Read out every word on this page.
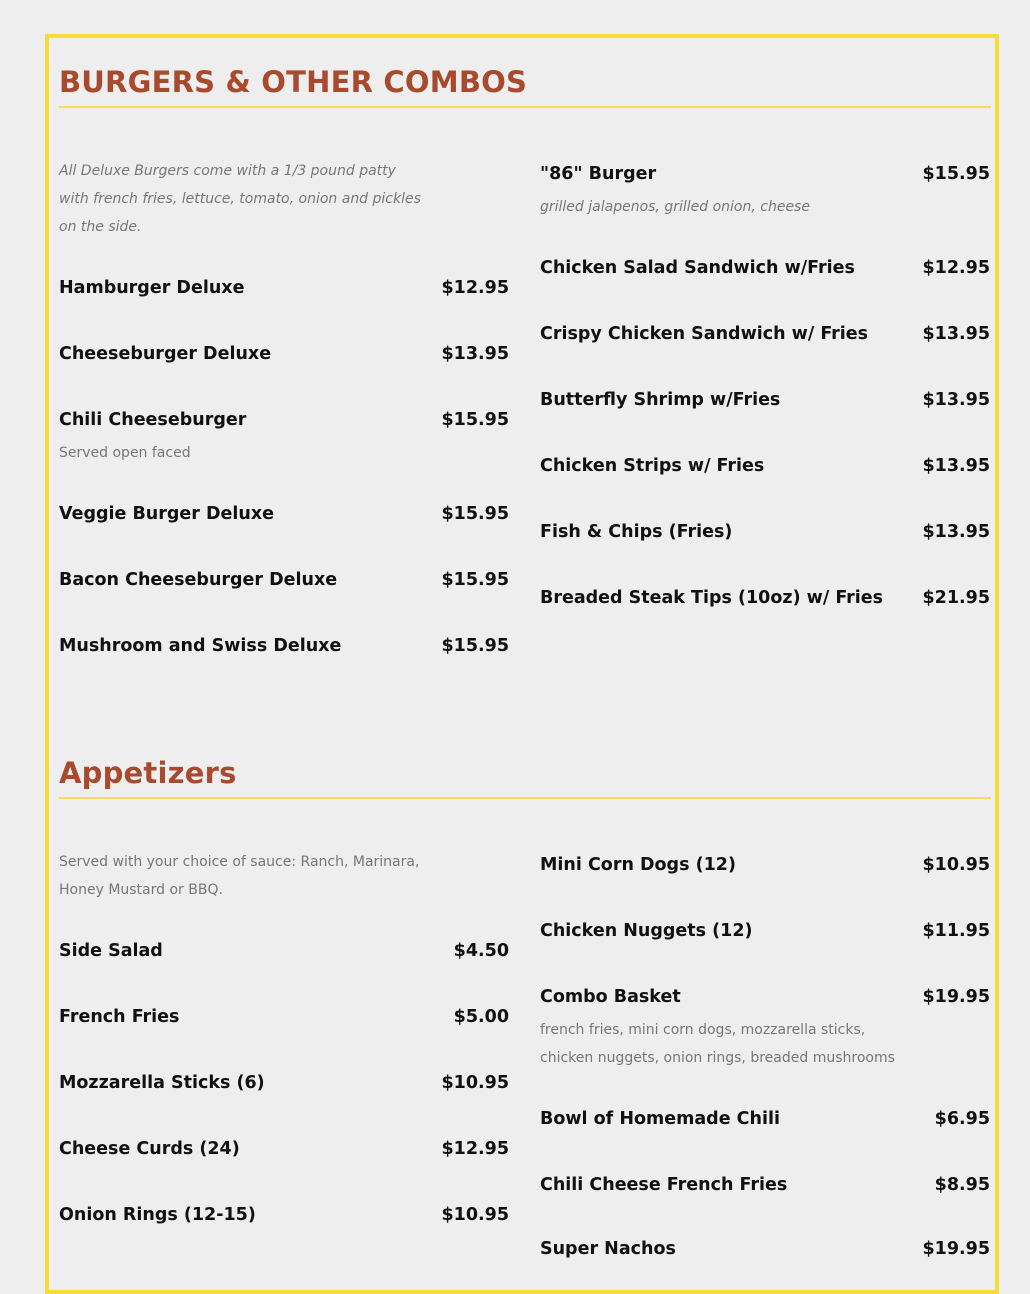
BURGERS & OTHER COMBOS
All Deluxe Burgers come with a 1/3 pound patty with french fries, lettuce, tomato, onion and pickles on the side.
Hamburger Deluxe	$12.95
Cheeseburger Deluxe	$13.95
Chili Cheeseburger	$15.95
Served open faced
Veggie Burger Deluxe	$15.95
Bacon Cheeseburger Deluxe	$15.95
Mushroom and Swiss Deluxe	$15.95
"86" Burger	$15.95
grilled jalapenos, grilled onion, cheese
Chicken Salad Sandwich w/Fries	$12.95
Crispy Chicken Sandwich w/ Fries	$13.95
Butterfly Shrimp w/Fries	$13.95
Chicken Strips w/ Fries	$13.95
Fish & Chips (Fries)	$13.95
Breaded Steak Tips (10oz) w/ Fries $21.95
Appetizers
Served with your choice of sauce: Ranch, Marinara, Honey Mustard or BBQ.
Side Salad	$4.50
French Fries	$5.00
Mozzarella Sticks (6)	$10.95
Cheese Curds (24)	$12.95
Onion Rings (12-15)	$10.95
Mini Corn Dogs (12)	$10.95
Chicken Nuggets (12)	$11.95
Combo Basket	$19.95
french fries, mini corn dogs, mozzarella sticks, chicken nuggets, onion rings, breaded mushrooms
Bowl of Homemade Chili	$6.95
Chili Cheese French Fries	$8.95
Super Nachos	$19.95
